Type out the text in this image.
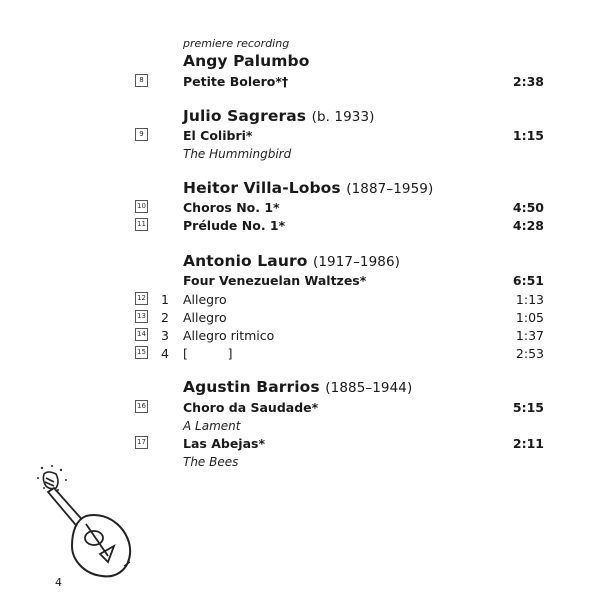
premiere recording
Angy Palumbo
8	Petite Bolero*†	2:38
Julio Sagreras (b. 1933)
9	El Colibri*	1:15
The Hummingbird
Heitor Villa-Lobos (1887–1959)
10	Choros No. 1*	4:50
11	Prélude No. 1*	4:28
Antonio Lauro (1917–1986)
Four Venezuelan Waltzes*	6:51
12	1 Allegro	1:13
13	2 Allegro	1:05
14	3 Allegro ritmico	1:37
15	4 [          ]	2:53
Agustin Barrios (1885–1944)
16	Choro da Saudade*	5:15
A Lament
17	Las Abejas*	2:11
The Bees
4
